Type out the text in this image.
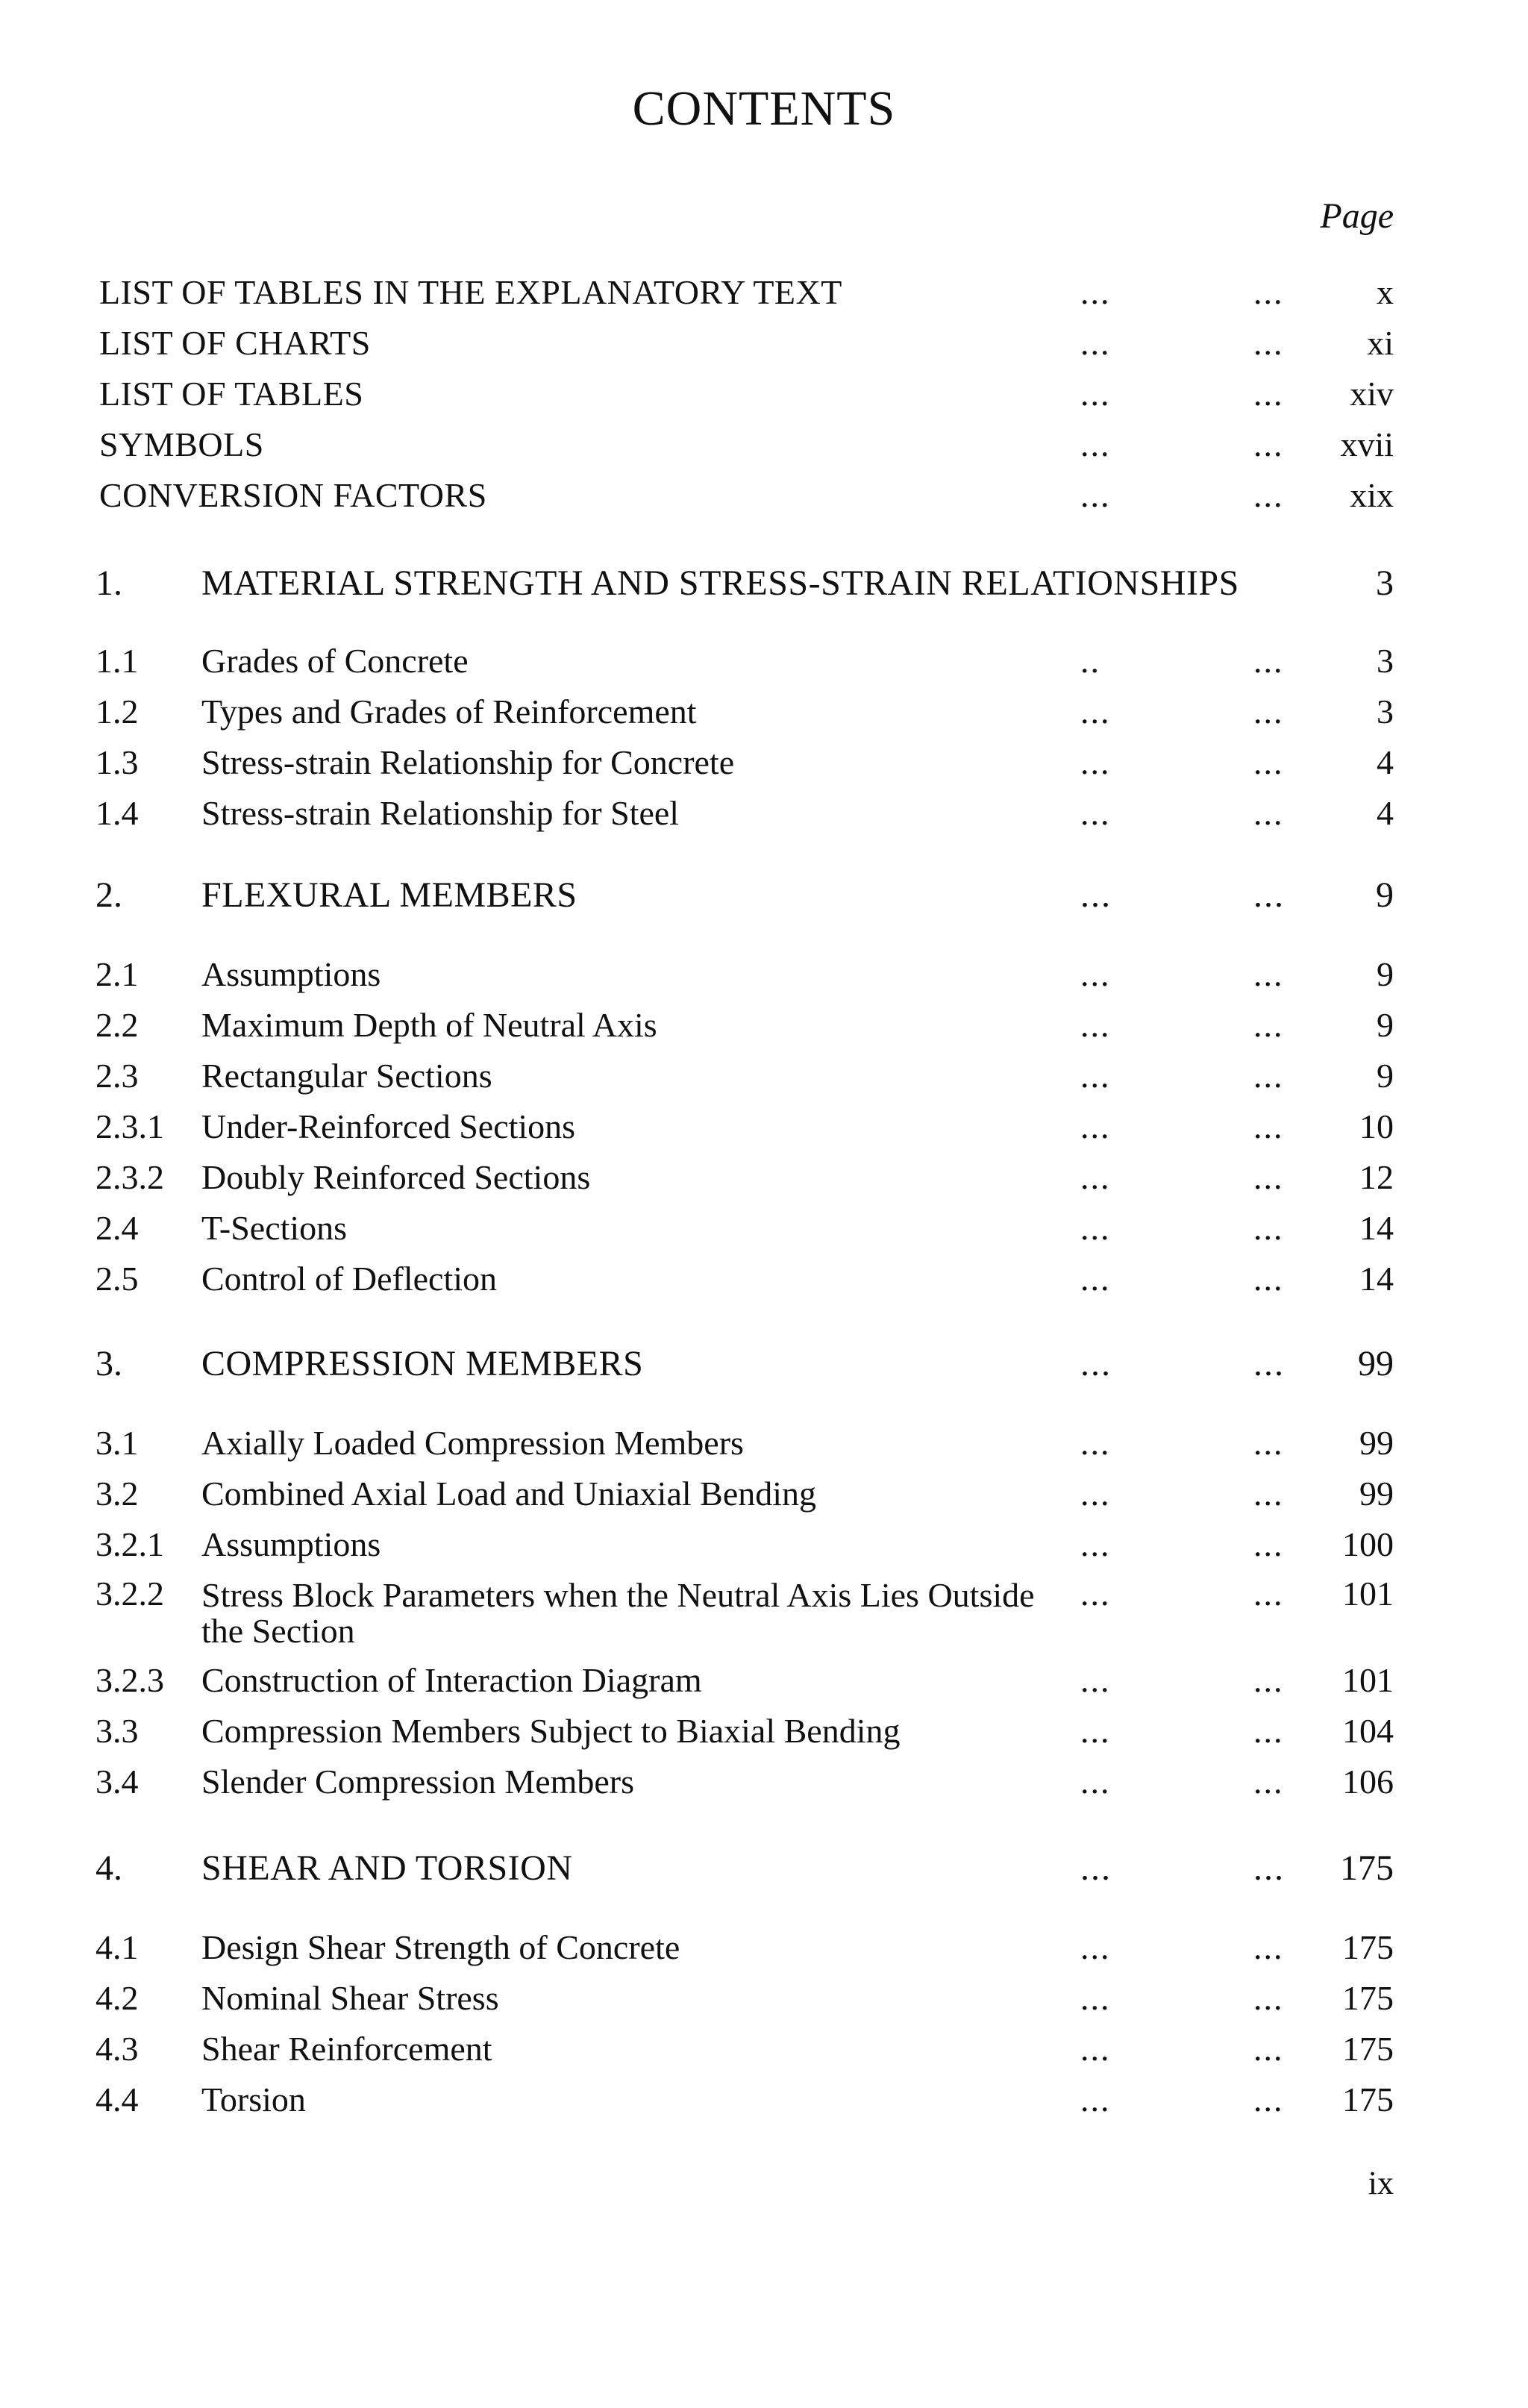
CONTENTS
Page
LIST OF TABLES IN THE EXPLANATORY TEXT	...	...	x
LIST OF CHARTS	...	... xi
LIST OF TABLES	...	... xiv
SYMBOLS	...	... xvii
CONVERSION FACTORS	...	... xix
1. MATERIAL STRENGTH AND STRESS-STRAIN RELATIONSHIPS	3
1.1 Grades of Concrete	..	...	3
1.2 Types and Grades of Reinforcement	...	...	3
1.3 Stress-strain Relationship for Concrete	...	...	4
1.4 Stress-strain Relationship for Steel	...	...	4
2. FLEXURAL MEMBERS	...	...	9
2.1 Assumptions	...	...	9
2.2 Maximum Depth of Neutral Axis	...	...	9
2.3 Rectangular Sections	...	...	9
2.3.1 Under-Reinforced Sections	...	... 10
2.3.2 Doubly Reinforced Sections	...	... 12
2.4 T-Sections	...	... 14
2.5 Control of Deflection	...	... 14
3. COMPRESSION MEMBERS	...	... 99
3.1 Axially Loaded Compression Members	...	... 99
3.2 Combined Axial Load and Uniaxial Bending	...	... 99
3.2.1 Assumptions	...	... 100
3.2.2 Stress Block Parameters when the Neutral Axis Lies Outside the Section
...	... 101
3.2.3 Construction of Interaction Diagram	...	... 101
3.3 Compression Members Subject to Biaxial Bending	...	... 104
3.4 Slender Compression Members	...	... 106
4. SHEAR AND TORSION	...	... 175
4.1 Design Shear Strength of Concrete	...	... 175
4.2 Nominal Shear Stress	...	... 175
4.3 Shear Reinforcement	...	... 175
4.4 Torsion	...	... 175
ix
